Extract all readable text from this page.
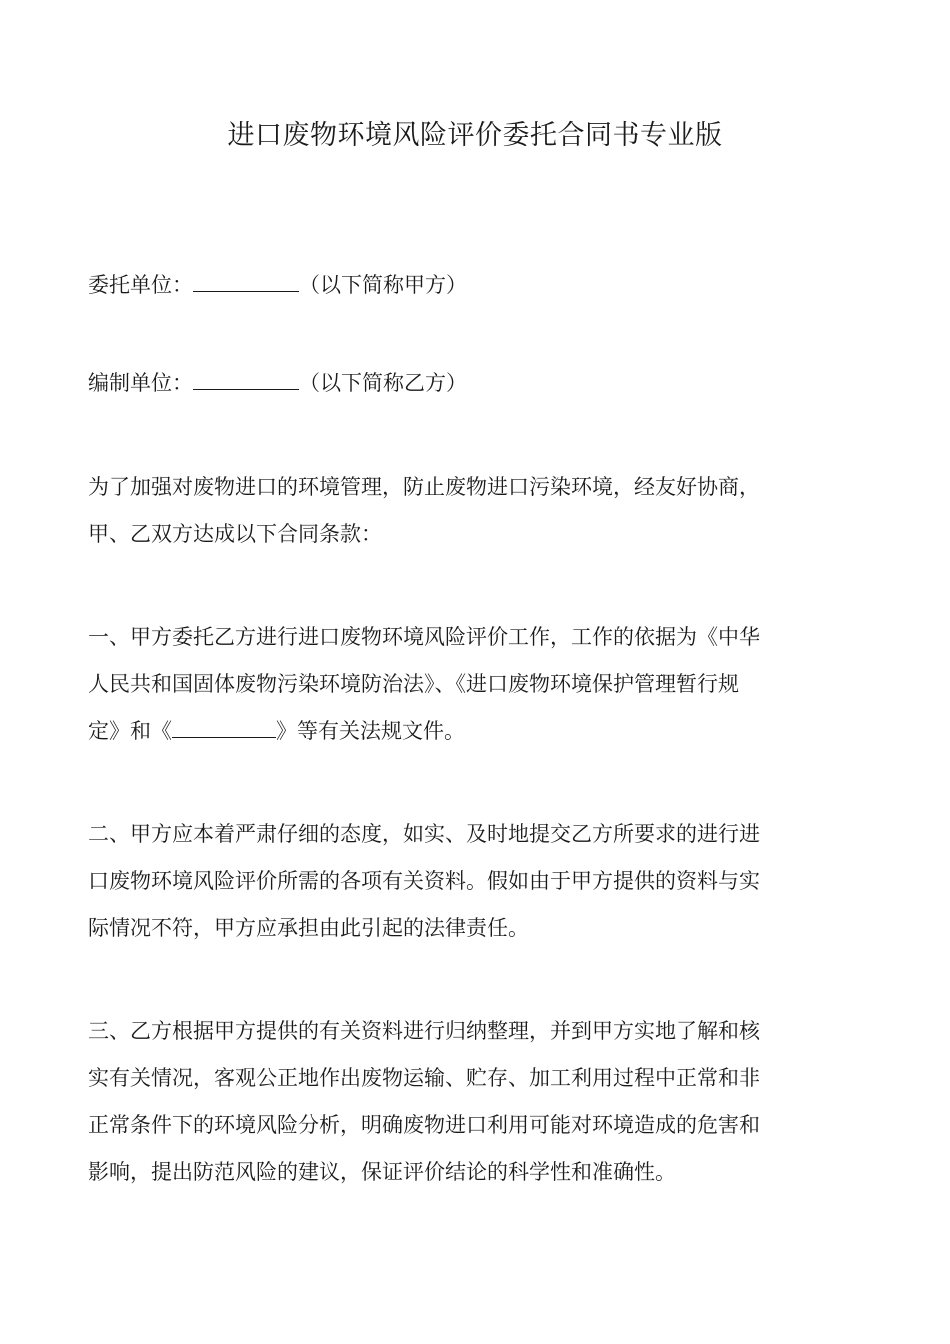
进口废物环境风险评价委托合同书专业版
委托单位：	（以下简称甲方）
编制单位：	（以下简称乙方）
为了加强对废物进口的环境管理，防止废物进口污染环境，经友好协商，
甲、乙双方达成以下合同条款：
一、甲方委托乙方进行进口废物环境风险评价工作，工作的依据为《中华
人民共和国固体废物污染环境防治法》、《进口废物环境保护管理暂行规
定》和《	》等有关法规文件。
二、甲方应本着严肃仔细的态度，如实、及时地提交乙方所要求的进行进
口废物环境风险评价所需的各项有关资料。假如由于甲方提供的资料与实
际情况不符，甲方应承担由此引起的法律责任。
三、乙方根据甲方提供的有关资料进行归纳整理，并到甲方实地了解和核
实有关情况，客观公正地作出废物运输、贮存、加工利用过程中正常和非
正常条件下的环境风险分析，明确废物进口利用可能对环境造成的危害和
影响，提出防范风险的建议，保证评价结论的科学性和准确性。
